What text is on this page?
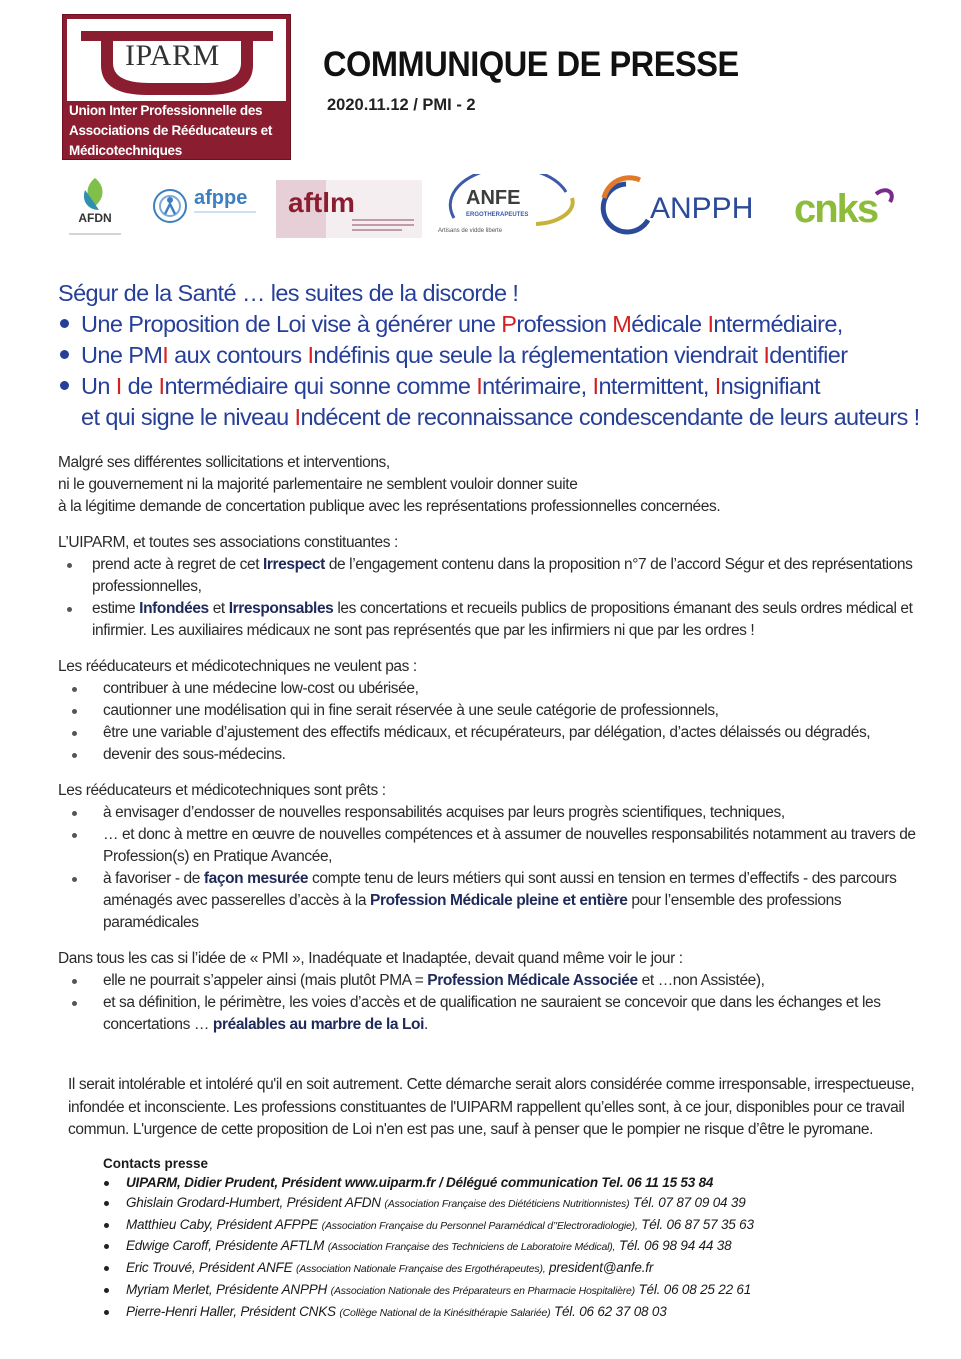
IPARM
Union Inter Professionnelle des
Associations de Rééducateurs et
Médicotechniques
COMMUNIQUE DE PRESSE
2020.11.12 / PMI - 2
AFDN
afppe aftlm	ANFE
ERGOTHERAPEUTES
Artisans de vidde liberte
ANPPH cnks
Ségur de la Santé … les suites de la discorde !
Une Proposition de Loi vise à générer une Profession Médicale Intermédiaire,
Une PMI aux contours Indéfinis que seule la réglementation viendrait Identifier
Un I de Intermédiaire qui sonne comme Intérimaire, Intermittent, Insignifiant
et qui signe le niveau Indécent de reconnaissance condescendante de leurs auteurs !

Malgré ses différentes sollicitations et interventions,
ni le gouvernement ni la majorité parlementaire ne semblent vouloir donner suite
à la légitime demande de concertation publique avec les représentations professionnelles concernées.

L’UIPARM, et toutes ses associations constituantes :

prend acte à regret de cet Irrespect de l’engagement contenu dans la proposition n°7 de l’accord Ségur et des représentations professionnelles,
estime Infondées et Irresponsables les concertations et recueils publics de propositions émanant des seuls ordres médical et infirmier. Les auxiliaires médicaux ne sont pas représentés que par les infirmiers ni que par les ordres !

Les rééducateurs et médicotechniques ne veulent pas :

contribuer à une médecine low-cost ou ubérisée,
cautionner une modélisation qui in fine serait réservée à une seule catégorie de professionnels,
être une variable d’ajustement des effectifs médicaux, et récupérateurs, par délégation, d’actes délaissés ou dégradés,
devenir des sous-médecins.

Les rééducateurs et médicotechniques sont prêts :

à envisager d’endosser de nouvelles responsabilités acquises par leurs progrès scientifiques, techniques,
… et donc à mettre en œuvre de nouvelles compétences et à assumer de nouvelles responsabilités notamment au travers de Profession(s) en Pratique Avancée,
à favoriser - de façon mesurée compte tenu de leurs métiers qui sont aussi en tension en termes d’effectifs - des parcours aménagés avec passerelles d’accès à la Profession Médicale pleine et entière pour l’ensemble des professions paramédicales

Dans tous les cas si l’idée de « PMI », Inadéquate et Inadaptée, devait quand même voir le jour :

elle ne pourrait s’appeler ainsi (mais plutôt PMA = Profession Médicale Associée et …non Assistée),
et sa définition, le périmètre, les voies d’accès et de qualification ne sauraient se concevoir que dans les échanges et les concertations … préalables au marbre de la Loi.
Il serait intolérable et intoléré qu'il en soit autrement. Cette démarche serait alors considérée comme irresponsable, irrespectueuse, infondée et inconsciente. Les professions constituantes de l'UIPARM rappellent qu’elles sont, à ce jour, disponibles pour ce travail commun. L'urgence de cette proposition de Loi n'en est pas une, sauf à penser que le pompier ne risque d’être le pyromane.
Contacts presse
UIPARM, Didier Prudent, Président www.uiparm.fr / Délégué communication Tel. 06 11 15 53 84
Ghislain Grodard-Humbert, Président AFDN (Association Française des Diététiciens Nutritionnistes) Tél. 07 87 09 04 39
Matthieu Caby, Président AFPPE (Association Française du Personnel Paramédical d’'Electroradiologie), Tél. 06 87 57 35 63
Edwige Caroff, Présidente AFTLM (Association Française des Techniciens de Laboratoire Médical), Tél. 06 98 94 44 38
Eric Trouvé, Président ANFE (Association Nationale Française des Ergothérapeutes), president@anfe.fr
Myriam Merlet, Présidente ANPPH (Association Nationale des Préparateurs en Pharmacie Hospitalière) Tél. 06 08 25 22 61
Pierre-Henri Haller, Président CNKS (Collège National de la Kinésithérapie Salariée) Tél. 06 62 37 08 03
